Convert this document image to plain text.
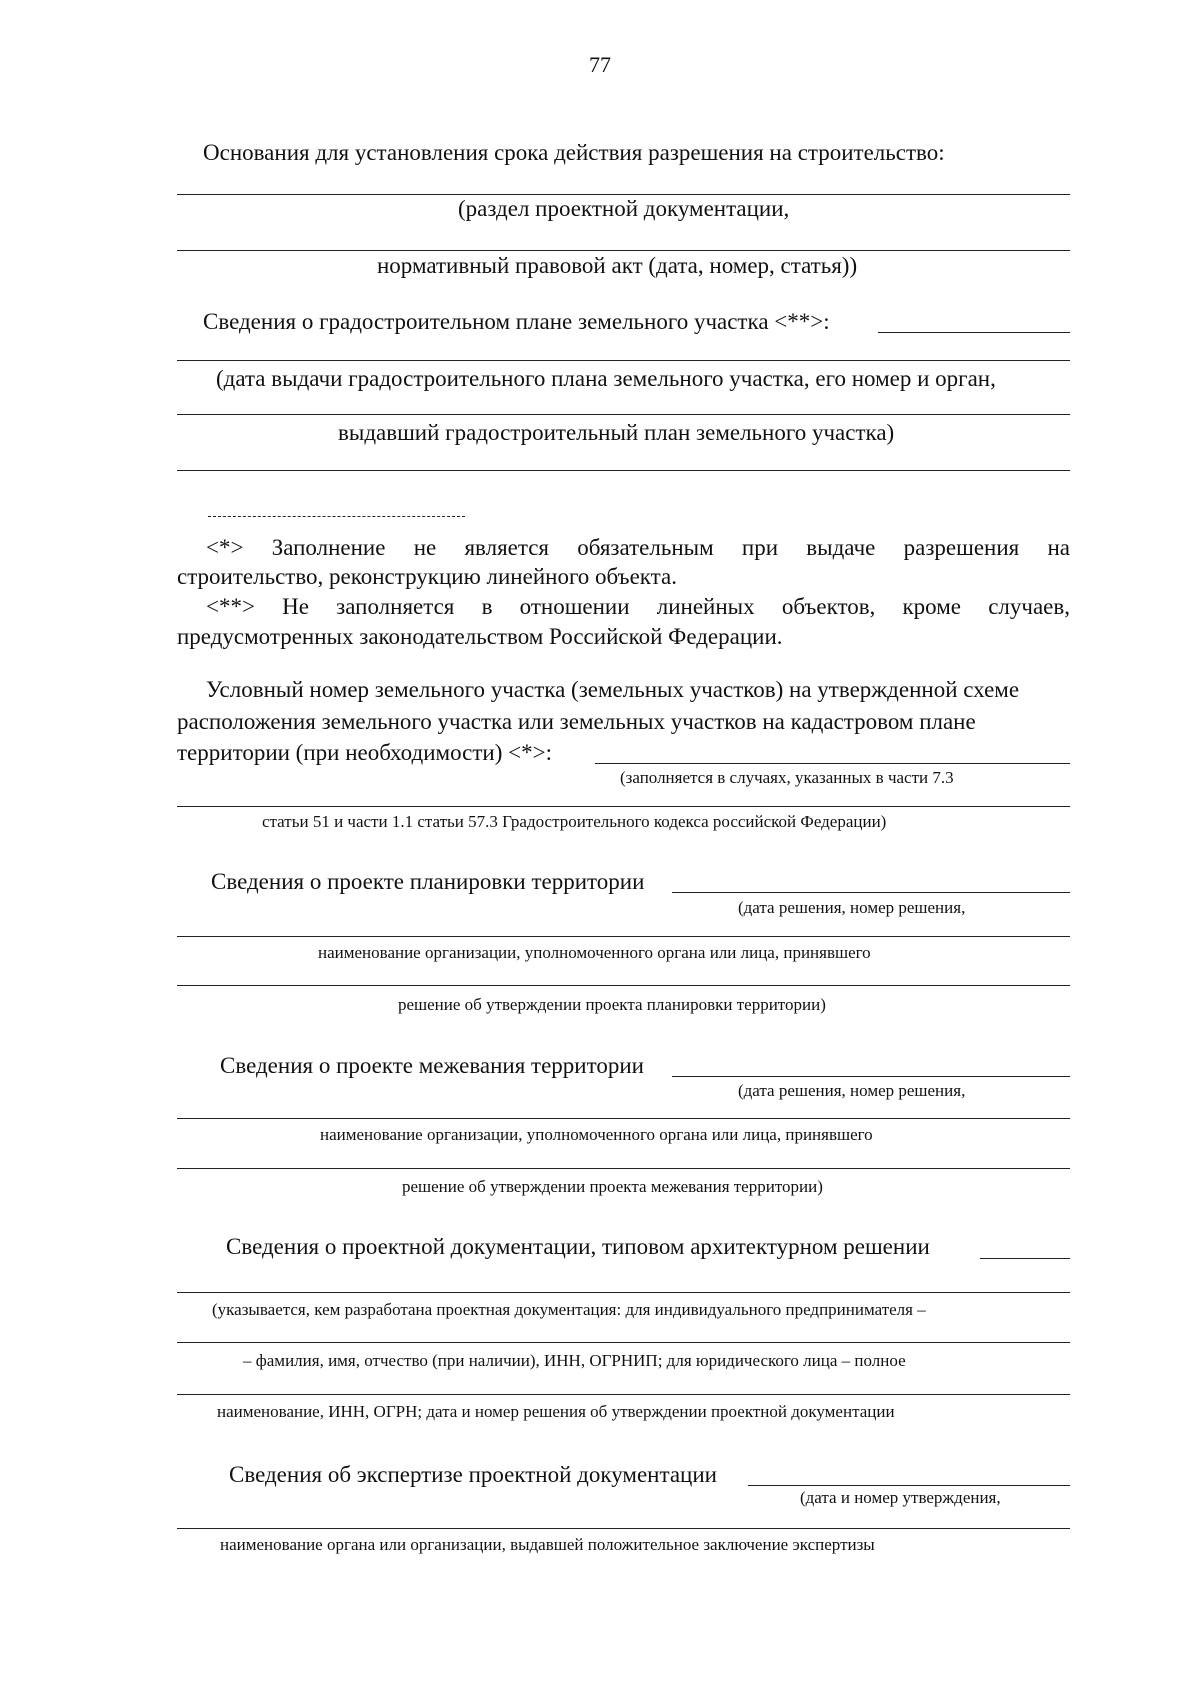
77
Основания для установления срока действия разрешения на строительство:
(раздел проектной документации,
нормативный правовой акт (дата, номер, статья))
Сведения о градостроительном плане земельного участка <**>:
(дата выдачи градостроительного плана земельного участка, его номер и орган,
выдавший градостроительный план земельного участка)
<*> Заполнение не является обязательным при выдаче разрешения на
строительство, реконструкцию линейного объекта.
<**> Не заполняется в отношении линейных объектов, кроме случаев,
предусмотренных законодательством Российской Федерации.
Условный номер земельного участка (земельных участков) на утвержденной схеме
расположения земельного участка или земельных участков на кадастровом плане
территории (при необходимости) <*>:
(заполняется в случаях, указанных в части 7.3
статьи 51 и части 1.1 статьи 57.3 Градостроительного кодекса российской Федерации)
Сведения о проекте планировки территории
(дата решения, номер решения,
наименование организации, уполномоченного органа или лица, принявшего
решение об утверждении проекта планировки территории)
Сведения о проекте межевания территории
(дата решения, номер решения,
наименование организации, уполномоченного органа или лица, принявшего
решение об утверждении проекта межевания территории)
Сведения о проектной документации, типовом архитектурном решении
(указывается, кем разработана проектная документация: для индивидуального предпринимателя –
– фамилия, имя, отчество (при наличии), ИНН, ОГРНИП; для юридического лица – полное
наименование, ИНН, ОГРН; дата и номер решения об утверждении проектной документации
Сведения об экспертизе проектной документации
(дата и номер утверждения,
наименование органа или организации, выдавшей положительное заключение экспертизы
